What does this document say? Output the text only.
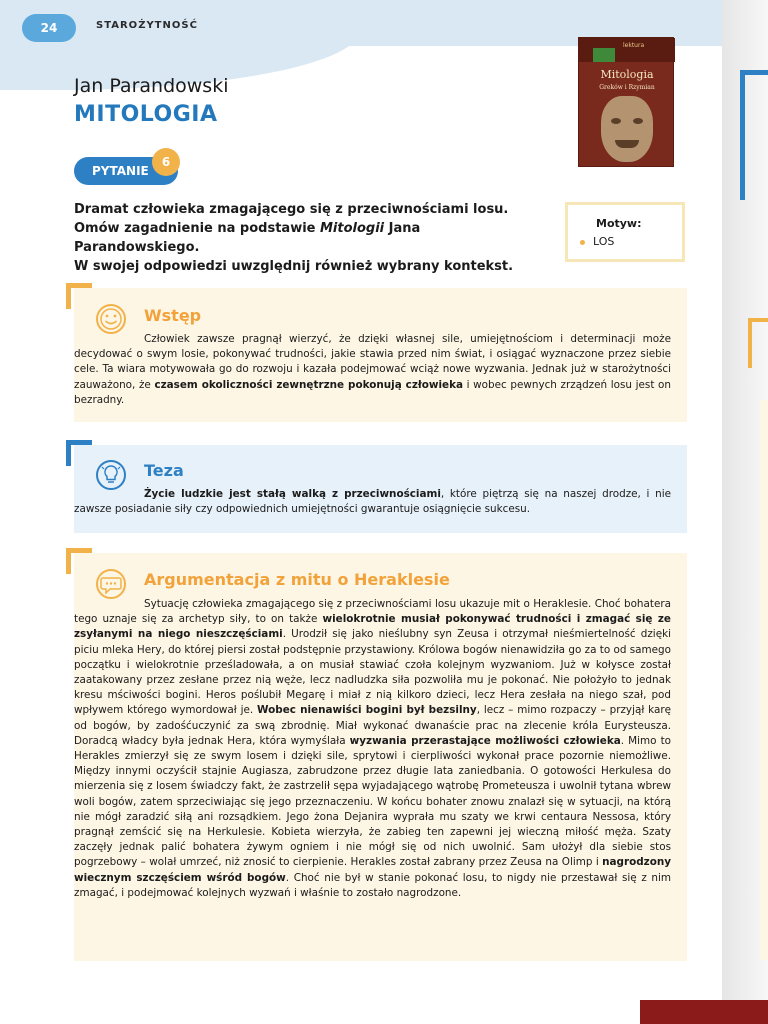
24	STAROŻYTNOŚĆ
lektura
Mitologia
Greków i Rzymian
Jan Parandowski
MITOLOGIA
PYTANIE
6
Dramat człowieka zmagającego się z przeciwnościami losu.
Omów zagadnienie na podstawie Mitologii Jana Parandowskiego.
W swojej odpowiedzi uwzględnij również wybrany kontekst.
Motyw:
LOS
Wstęp

Człowiek zawsze pragnął wierzyć, że dzięki własnej sile, umiejętnościom i determinacji może decydować o swym losie, pokonywać trudności, jakie stawia przed nim świat, i osiągać wyznaczone przez siebie cele. Ta wiara motywowała go do rozwoju i kazała podejmować wciąż nowe wyzwania. Jednak już w starożytności zauważono, że czasem okoliczności zewnętrzne pokonują człowieka i wobec pewnych zrządzeń losu jest on bezradny.

Teza

Życie ludzkie jest stałą walką z przeciwnościami, które piętrzą się na naszej drodze, i nie zawsze posiadanie siły czy odpowiednich umiejętności gwarantuje osiągnięcie sukcesu.

Argumentacja z mitu o Heraklesie

Sytuację człowieka zmagającego się z przeciwnościami losu ukazuje mit o Heraklesie. Choć bohatera tego uznaje się za archetyp siły, to on także wielokrotnie musiał pokonywać trudności i zmagać się ze zsyłanymi na niego nieszczęściami. Urodził się jako nieślubny syn Zeusa i otrzymał nieśmiertelność dzięki piciu mleka Hery, do której piersi został podstępnie przystawiony. Królowa bogów nienawidziła go za to od samego początku i wielokrotnie prześladowała, a on musiał stawiać czoła kolejnym wyzwaniom. Już w kołysce został zaatakowany przez zesłane przez nią węże, lecz nadludzka siła pozwoliła mu je pokonać. Nie położyło to jednak kresu mściwości bogini. Heros poślubił Megarę i miał z nią kilkoro dzieci, lecz Hera zesłała na niego szał, pod wpływem którego wymordował je. Wobec nienawiści bogini był bezsilny, lecz – mimo rozpaczy – przyjął karę od bogów, by zadośćuczynić za swą zbrodnię. Miał wykonać dwanaście prac na zlecenie króla Eurysteusza. Doradcą władcy była jednak Hera, która wymyślała wyzwania przerastające możliwości człowieka. Mimo to Herakles zmierzył się ze swym losem i dzięki sile, sprytowi i cierpliwości wykonał prace pozornie niemożliwe. Między innymi oczyścił stajnie Augiasza, zabrudzone przez długie lata zaniedbania. O gotowości Herkulesa do mierzenia się z losem świadczy fakt, że zastrzelił sępa wyjadającego wątrobę Prometeusza i uwolnił tytana wbrew woli bogów, zatem sprzeciwiając się jego przeznaczeniu. W końcu bohater znowu znalazł się w sytuacji, na którą nie mógł zaradzić siłą ani rozsądkiem. Jego żona Dejanira wyprała mu szaty we krwi centaura Nessosa, który pragnął zemścić się na Herkulesie. Kobieta wierzyła, że zabieg ten zapewni jej wieczną miłość męża. Szaty zaczęły jednak palić bohatera żywym ogniem i nie mógł się od nich uwolnić. Sam ułożył dla siebie stos pogrzebowy – wolał umrzeć, niż znosić to cierpienie. Herakles został zabrany przez Zeusa na Olimp i nagrodzony wiecznym szczęściem wśród bogów. Choć nie był w stanie pokonać losu, to nigdy nie przestawał się z nim zmagać, i podejmować kolejnych wyzwań i właśnie to zostało nagrodzone.
